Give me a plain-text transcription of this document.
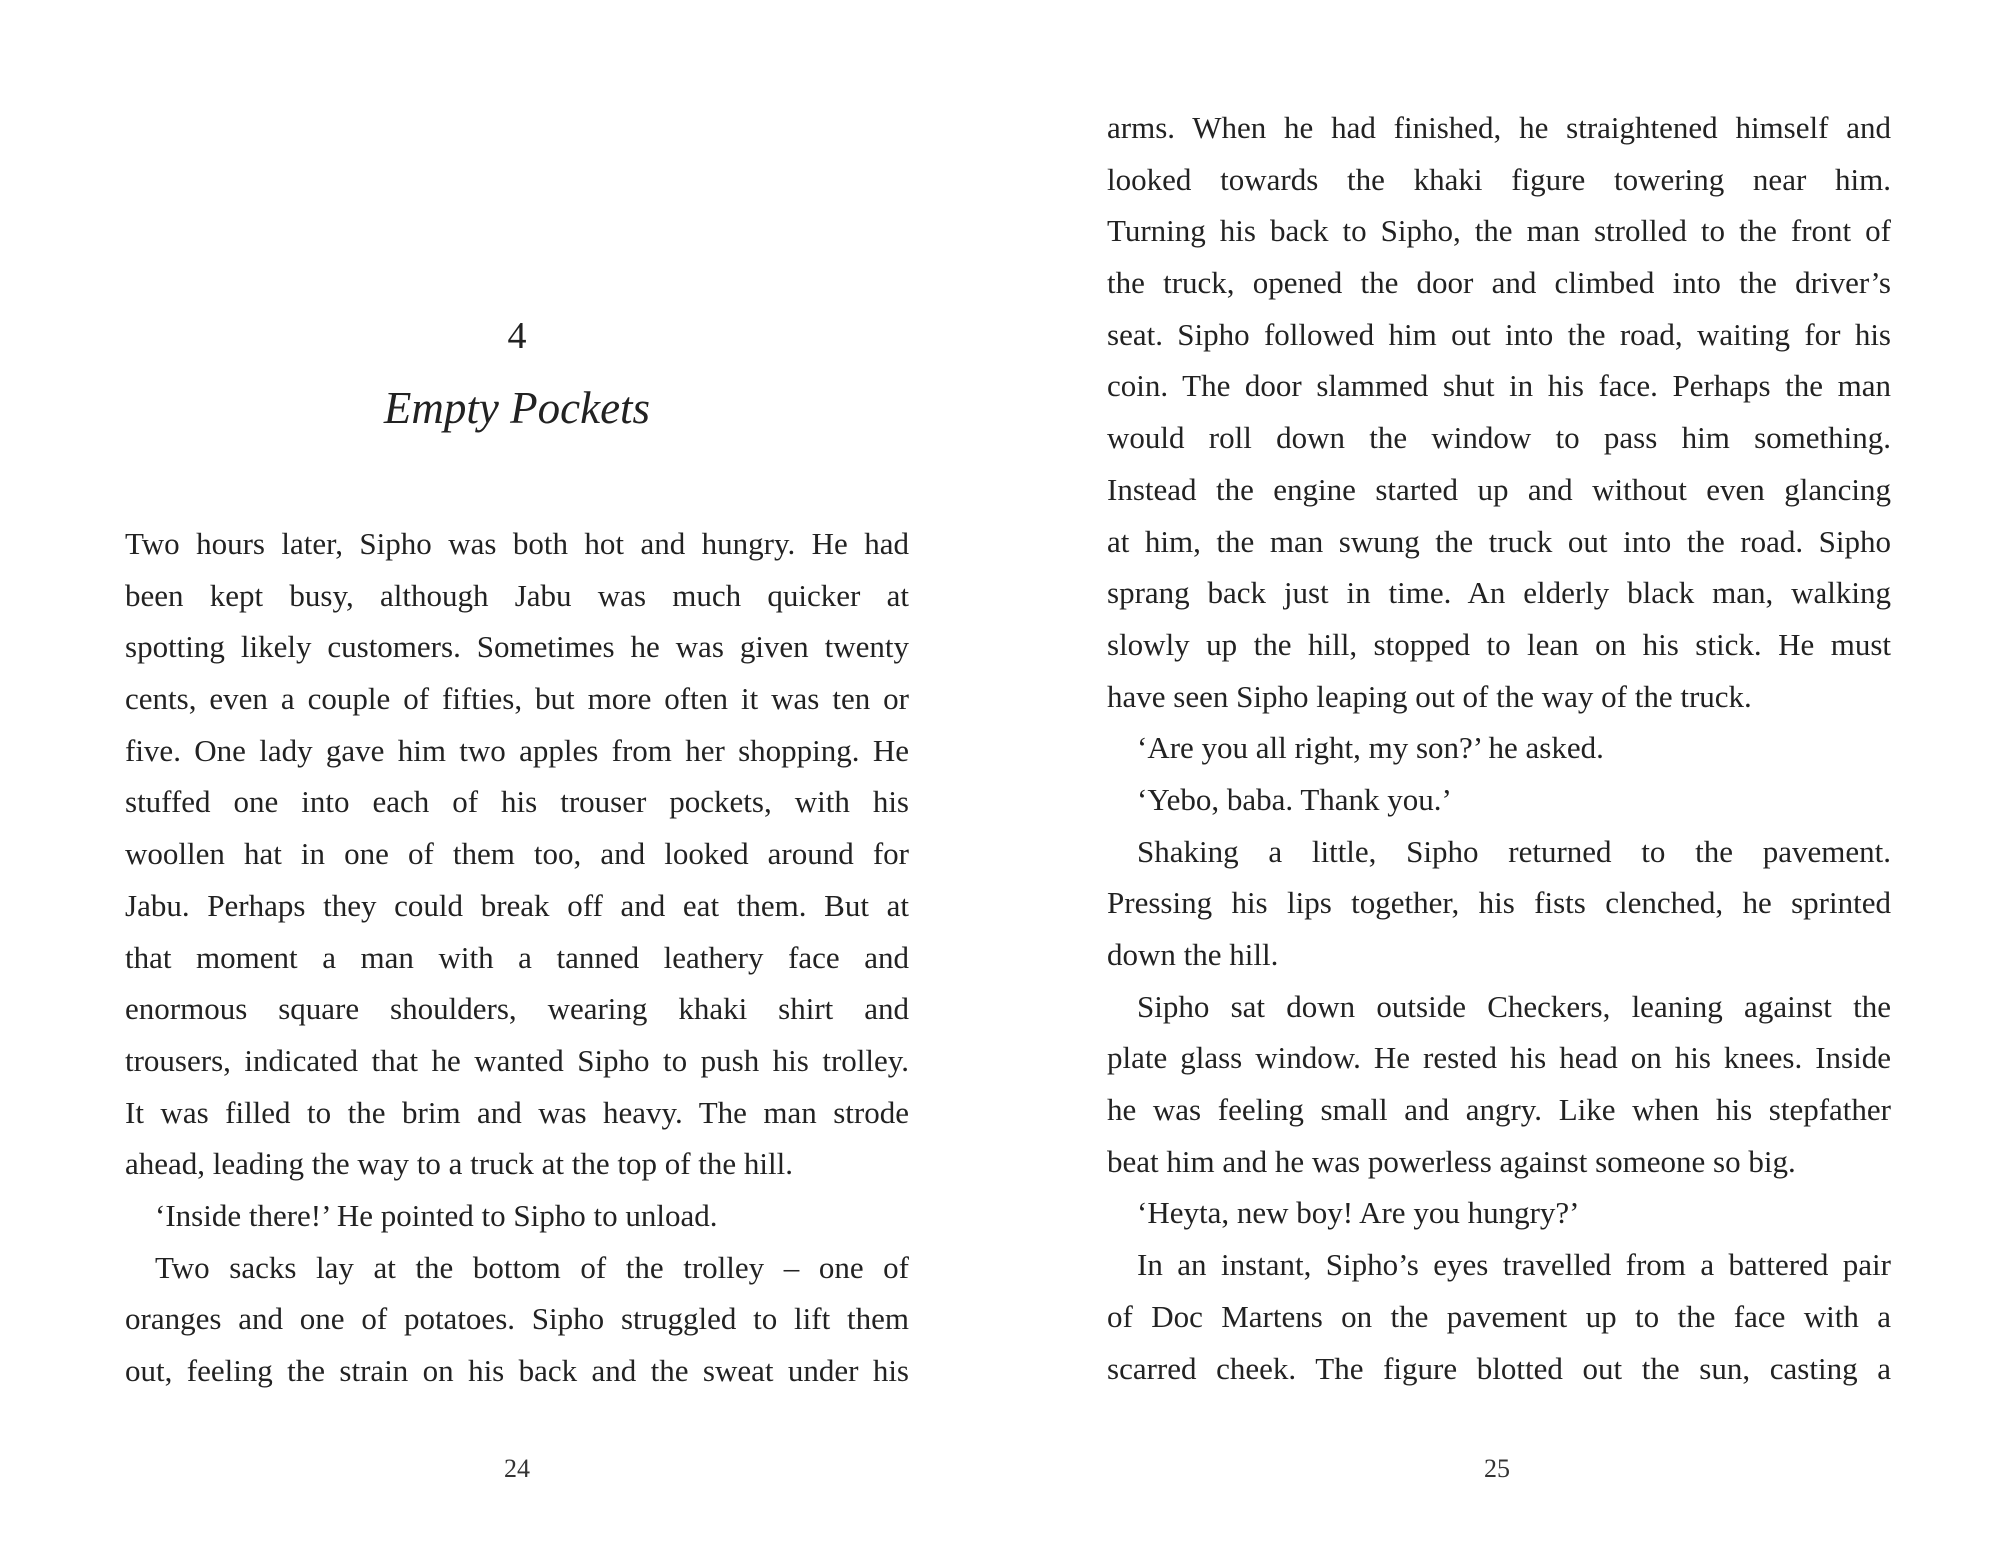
4
Empty Pockets
Two hours later, Sipho was both hot and hungry. He had
been kept busy, although Jabu was much quicker at
spotting likely customers. Sometimes he was given twenty
cents, even a couple of fifties, but more often it was ten or
five. One lady gave him two apples from her shopping. He
stuffed one into each of his trouser pockets, with his
woollen hat in one of them too, and looked around for
Jabu. Perhaps they could break off and eat them. But at
that moment a man with a tanned leathery face and
enormous square shoulders, wearing khaki shirt and
trousers, indicated that he wanted Sipho to push his trolley.
It was filled to the brim and was heavy. The man strode
ahead, leading the way to a truck at the top of the hill.
‘Inside there!’ He pointed to Sipho to unload.
Two sacks lay at the bottom of the trolley – one of
oranges and one of potatoes. Sipho struggled to lift them
out, feeling the strain on his back and the sweat under his
24
arms. When he had finished, he straightened himself and
looked towards the khaki figure towering near him.
Turning his back to Sipho, the man strolled to the front of
the truck, opened the door and climbed into the driver’s
seat. Sipho followed him out into the road, waiting for his
coin. The door slammed shut in his face. Perhaps the man
would roll down the window to pass him something.
Instead the engine started up and without even glancing
at him, the man swung the truck out into the road. Sipho
sprang back just in time. An elderly black man, walking
slowly up the hill, stopped to lean on his stick. He must
have seen Sipho leaping out of the way of the truck.
‘Are you all right, my son?’ he asked.
‘Yebo, baba. Thank you.’
Shaking a little, Sipho returned to the pavement.
Pressing his lips together, his fists clenched, he sprinted
down the hill.
Sipho sat down outside Checkers, leaning against the
plate glass window. He rested his head on his knees. Inside
he was feeling small and angry. Like when his stepfather
beat him and he was powerless against someone so big.
‘Heyta, new boy! Are you hungry?’
In an instant, Sipho’s eyes travelled from a battered pair
of Doc Martens on the pavement up to the face with a
scarred cheek. The figure blotted out the sun, casting a
25
